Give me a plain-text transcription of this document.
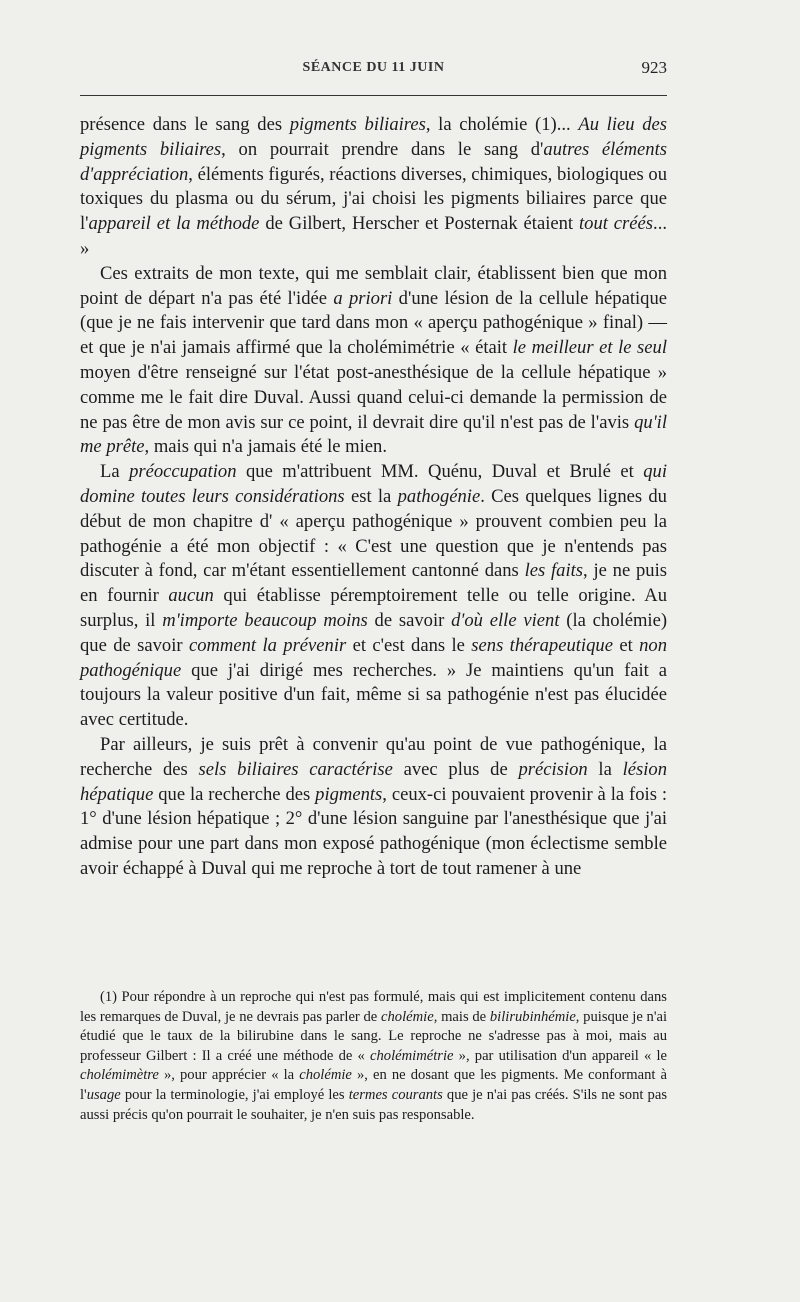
SÉANCE DU 11 JUIN	923

présence dans le sang des pigments biliaires, la cholémie (1)... Au lieu des pigments biliaires, on pourrait prendre dans le sang d'autres éléments d'appréciation, éléments figurés, réactions diverses, chimiques, biologiques ou toxiques du plasma ou du sérum, j'ai choisi les pigments biliaires parce que l'appareil et la méthode de Gilbert, Herscher et Posternak étaient tout créés... »

Ces extraits de mon texte, qui me semblait clair, établissent bien que mon point de départ n'a pas été l'idée a priori d'une lésion de la cellule hépatique (que je ne fais intervenir que tard dans mon « aperçu pathogénique » final) — et que je n'ai jamais affirmé que la cholémimétrie « était le meilleur et le seul moyen d'être renseigné sur l'état post-anesthésique de la cellule hépatique » comme me le fait dire Duval. Aussi quand celui-ci demande la permission de ne pas être de mon avis sur ce point, il devrait dire qu'il n'est pas de l'avis qu'il me prête, mais qui n'a jamais été le mien.

La préoccupation que m'attribuent MM. Quénu, Duval et Brulé et qui domine toutes leurs considérations est la pathogénie. Ces quelques lignes du début de mon chapitre d' « aperçu pathogénique » prouvent combien peu la pathogénie a été mon objectif : « C'est une question que je n'entends pas discuter à fond, car m'étant essentiellement cantonné dans les faits, je ne puis en fournir aucun qui établisse péremptoirement telle ou telle origine. Au surplus, il m'importe beaucoup moins de savoir d'où elle vient (la cholémie) que de savoir comment la prévenir et c'est dans le sens thérapeutique et non pathogénique que j'ai dirigé mes recherches. » Je maintiens qu'un fait a toujours la valeur positive d'un fait, même si sa pathogénie n'est pas élucidée avec certitude.

Par ailleurs, je suis prêt à convenir qu'au point de vue pathogénique, la recherche des sels biliaires caractérise avec plus de précision la lésion hépatique que la recherche des pigments, ceux-ci pouvaient provenir à la fois : 1° d'une lésion hépatique ; 2° d'une lésion sanguine par l'anesthésique que j'ai admise pour une part dans mon exposé pathogénique (mon éclectisme semble avoir échappé à Duval qui me reproche à tort de tout ramener à une

(1) Pour répondre à un reproche qui n'est pas formulé, mais qui est implicitement contenu dans les remarques de Duval, je ne devrais pas parler de cholémie, mais de bilirubinhémie, puisque je n'ai étudié que le taux de la bilirubine dans le sang. Le reproche ne s'adresse pas à moi, mais au professeur Gilbert : Il a créé une méthode de « cholémimétrie », par utilisation d'un appareil « le cholémimètre », pour apprécier « la cholémie », en ne dosant que les pigments. Me conformant à l'usage pour la terminologie, j'ai employé les termes courants que je n'ai pas créés. S'ils ne sont pas aussi précis qu'on pourrait le souhaiter, je n'en suis pas responsable.
